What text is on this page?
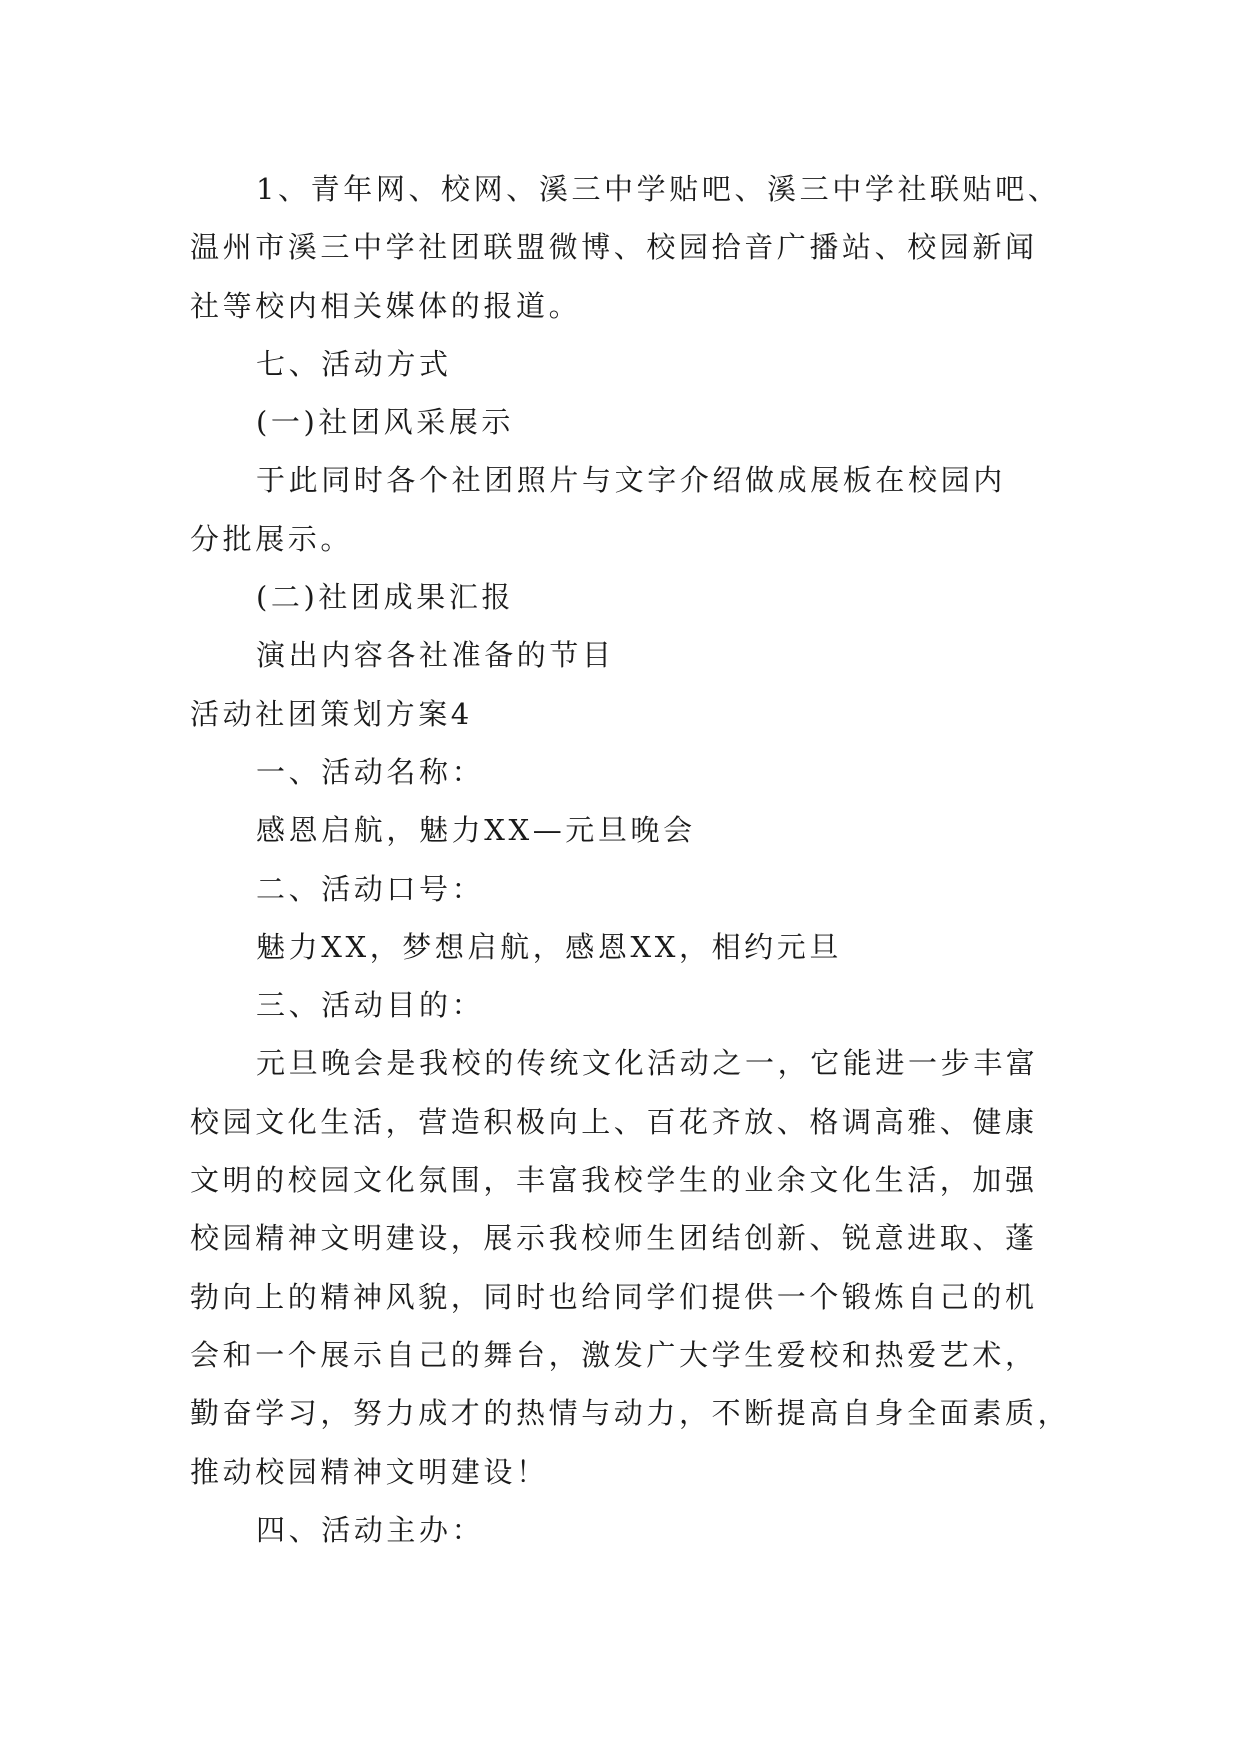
1、青年网、校网、溪三中学贴吧、溪三中学社联贴吧、
温州市溪三中学社团联盟微博、校园拾音广播站、校园新闻
社等校内相关媒体的报道。
七、活动方式
(一)社团风采展示
于此同时各个社团照片与文字介绍做成展板在校园内
分批展示。
(二)社团成果汇报
演出内容各社准备的节目
活动社团策划方案4
一、活动名称：
感恩启航，魅力XX—元旦晚会
二、活动口号：
魅力XX，梦想启航，感恩XX，相约元旦
三、活动目的：
元旦晚会是我校的传统文化活动之一，它能进一步丰富
校园文化生活，营造积极向上、百花齐放、格调高雅、健康
文明的校园文化氛围，丰富我校学生的业余文化生活，加强
校园精神文明建设，展示我校师生团结创新、锐意进取、蓬
勃向上的精神风貌，同时也给同学们提供一个锻炼自己的机
会和一个展示自己的舞台，激发广大学生爱校和热爱艺术，
勤奋学习，努力成才的热情与动力，不断提高自身全面素质，
推动校园精神文明建设！
四、活动主办：
